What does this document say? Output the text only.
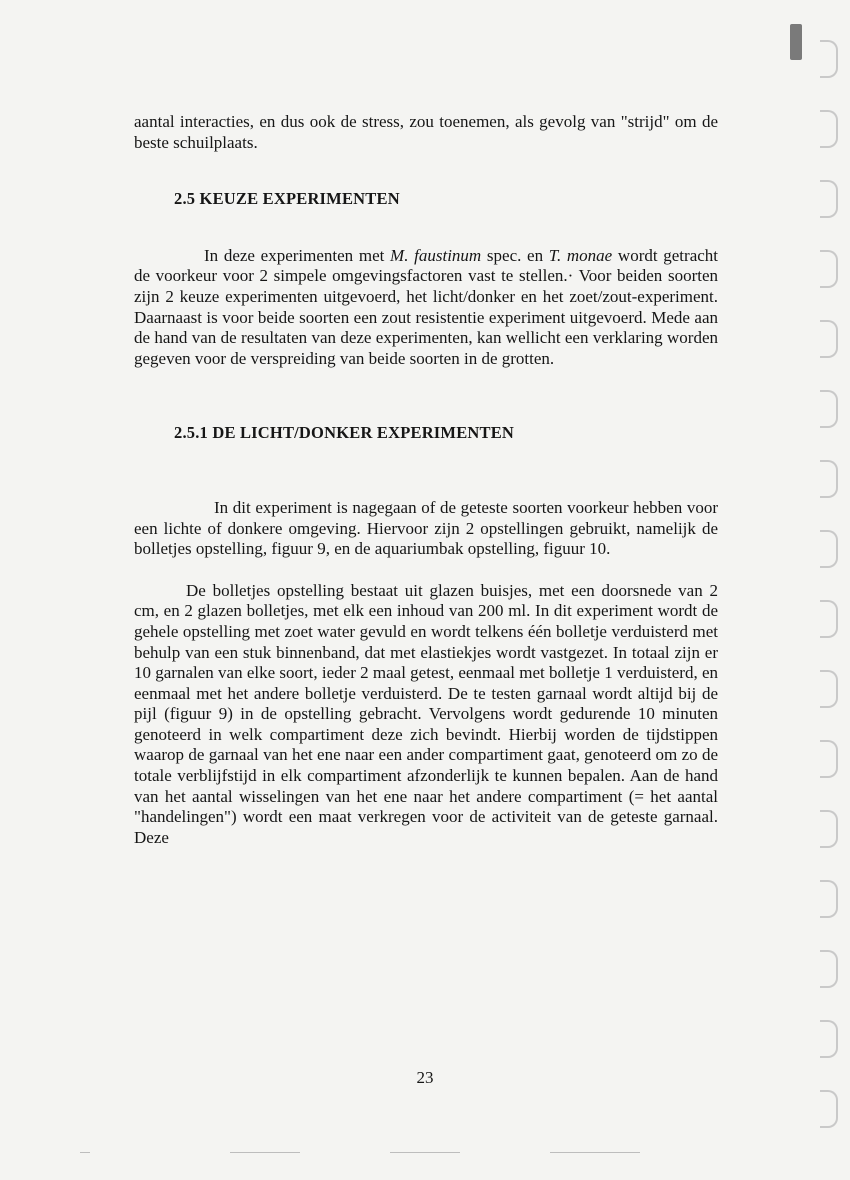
aantal interacties, en dus ook de stress, zou toenemen, als gevolg van "strijd" om de beste schuilplaats.

2.5 KEUZE EXPERIMENTEN

In deze experimenten met M. faustinum spec. en T. monae wordt getracht de voorkeur voor 2 simpele omgevingsfactoren vast te stellen.· Voor beiden soorten zijn 2 keuze experimenten uitgevoerd, het licht/donker en het zoet/zout-experiment. Daarnaast is voor beide soorten een zout resistentie experiment uitgevoerd. Mede aan de hand van de resultaten van deze experimenten, kan wellicht een verklaring worden gegeven voor de verspreiding van beide soorten in de grotten.

2.5.1 DE LICHT/DONKER EXPERIMENTEN

In dit experiment is nagegaan of de geteste soorten voorkeur hebben voor een lichte of donkere omgeving. Hiervoor zijn 2 opstellingen gebruikt, namelijk de bolletjes opstelling, figuur 9, en de aquariumbak opstelling, figuur 10.

De bolletjes opstelling bestaat uit glazen buisjes, met een doorsnede van 2 cm, en 2 glazen bolletjes, met elk een inhoud van 200 ml. In dit experiment wordt de gehele opstelling met zoet water gevuld en wordt telkens één bolletje verduisterd met behulp van een stuk binnenband, dat met elastiekjes wordt vastgezet. In totaal zijn er 10 garnalen van elke soort, ieder 2 maal getest, eenmaal met bolletje 1 verduisterd, en eenmaal met het andere bolletje verduisterd. De te testen garnaal wordt altijd bij de pijl (figuur 9) in de opstelling gebracht. Vervolgens wordt gedurende 10 minuten genoteerd in welk compartiment deze zich bevindt. Hierbij worden de tijdstippen waarop de garnaal van het ene naar een ander compartiment gaat, genoteerd om zo de totale verblijfstijd in elk compartiment afzonderlijk te kunnen bepalen. Aan de hand van het aantal wisselingen van het ene naar het andere compartiment (= het aantal "handelingen") wordt een maat verkregen voor de activiteit van de geteste garnaal. Deze

23
